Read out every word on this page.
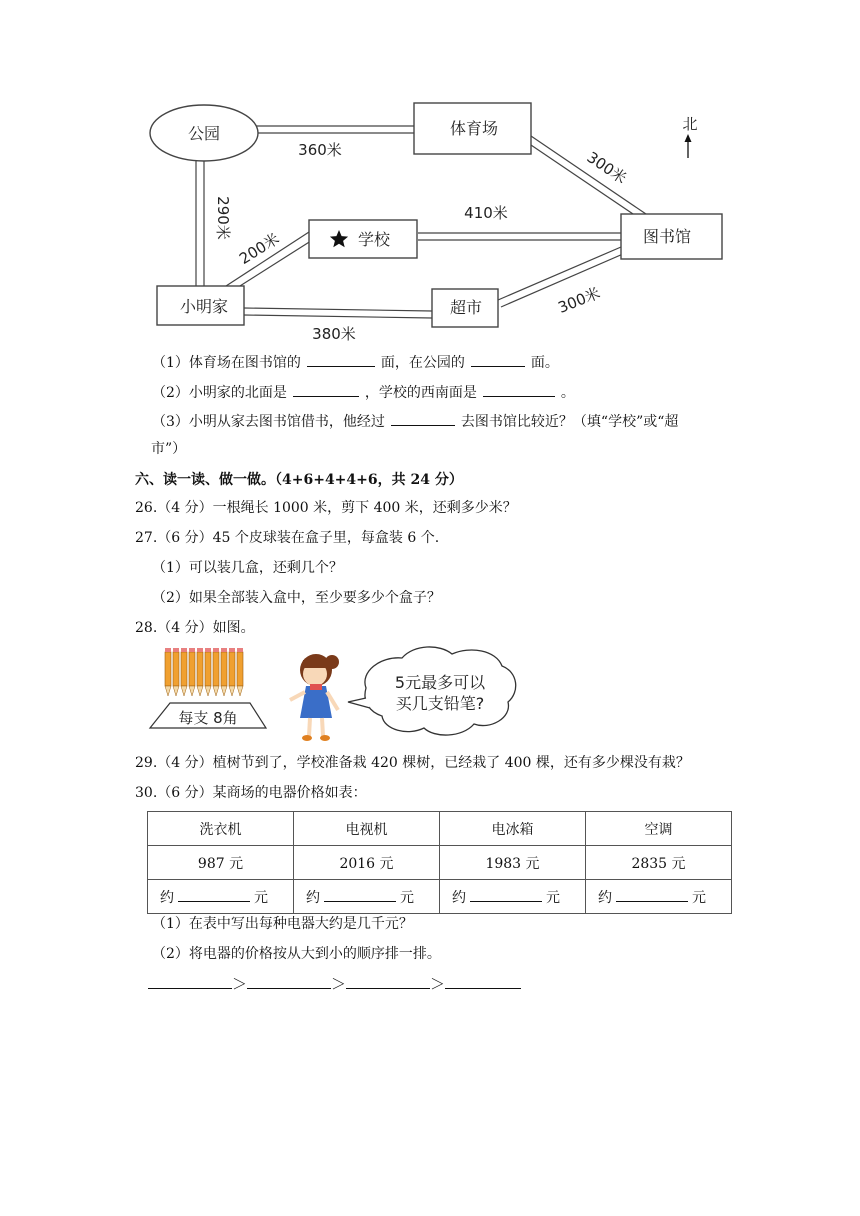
公园	体育场
学校	图书馆
小明家	超市
北
360米	300米
290米
200米
410米
380米
300米
（1）体育场在图书馆的	面，在公园的	面。
（2）小明家的北面是	，学校的西南面是	。
（3）小明从家去图书馆借书，他经过	去图书馆比较近？（填“学校”或“超
市”）
六、读一读、做一做。（4+6+4+4+6，共 24 分）
26.（4 分）一根绳长 1000 米，剪下 400 米，还剩多少米？
27.（6 分）45 个皮球装在盒子里，每盒装 6 个.
（1）可以装几盒，还剩几个？
（2）如果全部装入盒中，至少要多少个盒子？
28.（4 分）如图。
每支 8角
5元最多可以
买几支铅笔?
29.（4 分）植树节到了，学校准备栽 420 棵树，已经栽了 400 棵，还有多少棵没有栽？
30.（6 分）某商场的电器价格如表：
洗衣机	电视机	电冰箱	空调
987 元	2016 元	1983 元	2835 元
约 元	约 元	约 元	约 元
（1）在表中写出每种电器大约是几千元？
（2）将电器的价格按从大到小的顺序排一排。
＞	＞	＞
